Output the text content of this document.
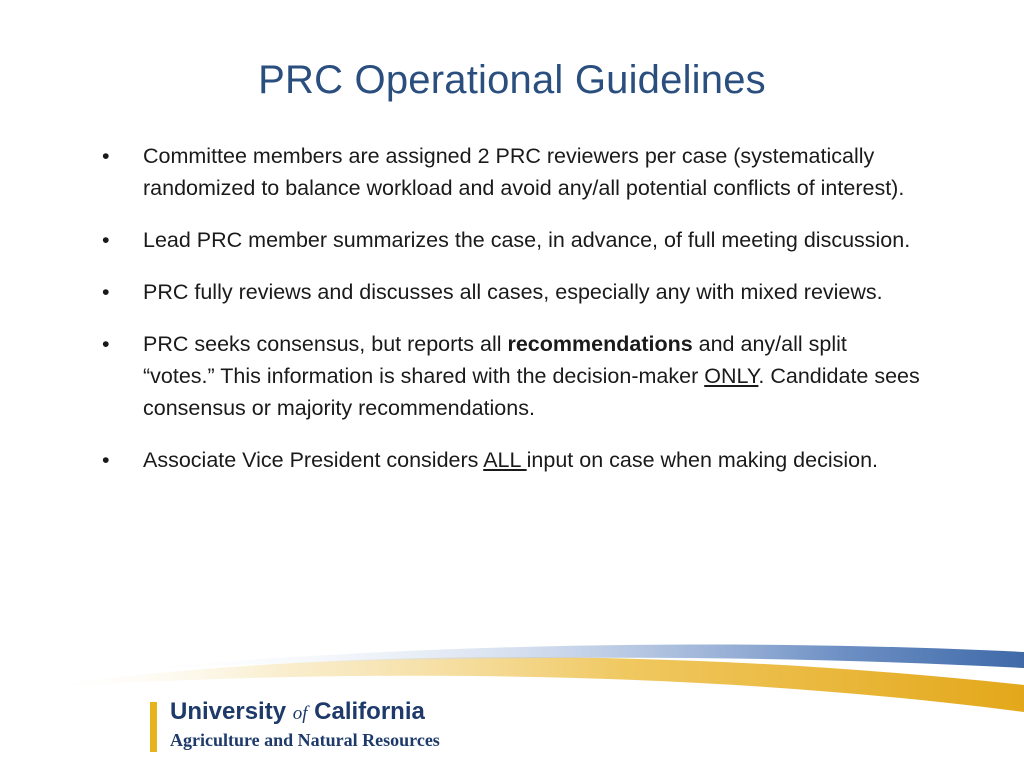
PRC Operational Guidelines
• Committee members are assigned 2 PRC reviewers per case (systematically randomized to balance workload and avoid any/all potential conflicts of interest).
• Lead PRC member summarizes the case, in advance, of full meeting discussion.
• PRC fully reviews and discusses all cases, especially any with mixed reviews.
• PRC seeks consensus, but reports all recommendations and any/all split “votes.” This information is shared with the decision-maker ONLY. Candidate sees consensus or majority recommendations.
• Associate Vice President considers ALL input on case when making decision.
University of California
Agriculture and Natural Resources
